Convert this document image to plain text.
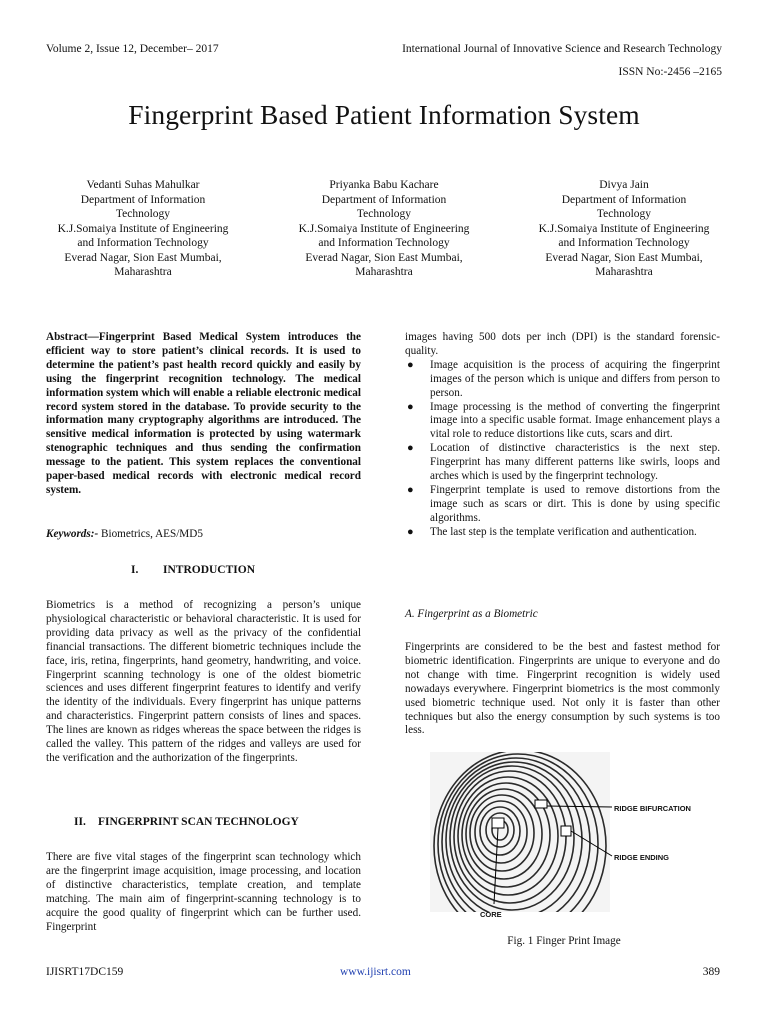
Volume 2, Issue 12, December– 2017	International Journal of Innovative Science and Research Technology
ISSN No:-2456 –2165
Fingerprint Based Patient Information System
Vedanti Suhas Mahulkar
Department of Information
Technology
K.J.Somaiya Institute of Engineering
and Information Technology
Everad Nagar, Sion East Mumbai,
Maharashtra
Priyanka Babu Kachare
Department of Information
Technology
K.J.Somaiya Institute of Engineering
and Information Technology
Everad Nagar, Sion East Mumbai,
Maharashtra
Divya Jain
Department of Information
Technology
K.J.Somaiya Institute of Engineering
and Information Technology
Everad Nagar, Sion East Mumbai,
Maharashtra

Abstract—Fingerprint Based Medical System introduces the efficient way to store patient’s clinical records. It is used to determine the patient’s past health record quickly and easily by using the fingerprint recognition technology. The medical information system which will enable a reliable electronic medical record system stored in the database. To provide security to the information many cryptography algorithms are introduced. The sensitive medical information is protected by using watermark stenographic techniques and thus sending the confirmation message to the patient. This system replaces the conventional paper-based medical records with electronic medical record system.

Keywords:- Biometrics, AES/MD5
I. INTRODUCTION

Biometrics is a method of recognizing a person’s unique physiological characteristic or behavioral characteristic. It is used for providing data privacy as well as the privacy of the confidential financial transactions. The different biometric techniques include the face, iris, retina, fingerprints, hand geometry, handwriting, and voice. Fingerprint scanning technology is one of the oldest biometric sciences and uses different fingerprint features to identify and verify the identity of the individuals. Every fingerprint has unique patterns and characteristics. Fingerprint pattern consists of lines and spaces. The lines are known as ridges whereas the space between the ridges is called the valley. This pattern of the ridges and valleys are used for the verification and the authorization of the fingerprints.

II. FINGERPRINT SCAN TECHNOLOGY

There are five vital stages of the fingerprint scan technology which are the fingerprint image acquisition, image processing, and location of distinctive characteristics, template creation, and template matching. The main aim of fingerprint-scanning technology is to acquire the good quality of fingerprint which can be further used. Fingerprint

images having 500 dots per inch (DPI) is the standard forensic-quality.

● Image acquisition is the process of acquiring the fingerprint images of the person which is unique and differs from person to person.
● Image processing is the method of converting the fingerprint image into a specific usable format. Image enhancement plays a vital role to reduce distortions like cuts, scars and dirt.
● Location of distinctive characteristics is the next step. Fingerprint has many different patterns like swirls, loops and arches which is used by the fingerprint technology.
● Fingerprint template is used to remove distortions from the image such as scars or dirt. This is done by using specific algorithms.
● The last step is the template verification and authentication.
A. Fingerprint as a Biometric

Fingerprints are considered to be the best and fastest method for biometric identification. Fingerprints are unique to everyone and do not change with time. Fingerprint recognition is widely used nowadays everywhere. Fingerprint biometrics is the most commonly used biometric technique used. Not only it is faster than other techniques but also the energy consumption by such systems is too less.

RIDGE BIFURCATION
RIDGE ENDING
CORE
Fig. 1 Finger Print Image
IJISRT17DC159	www.ijisrt.com	389
